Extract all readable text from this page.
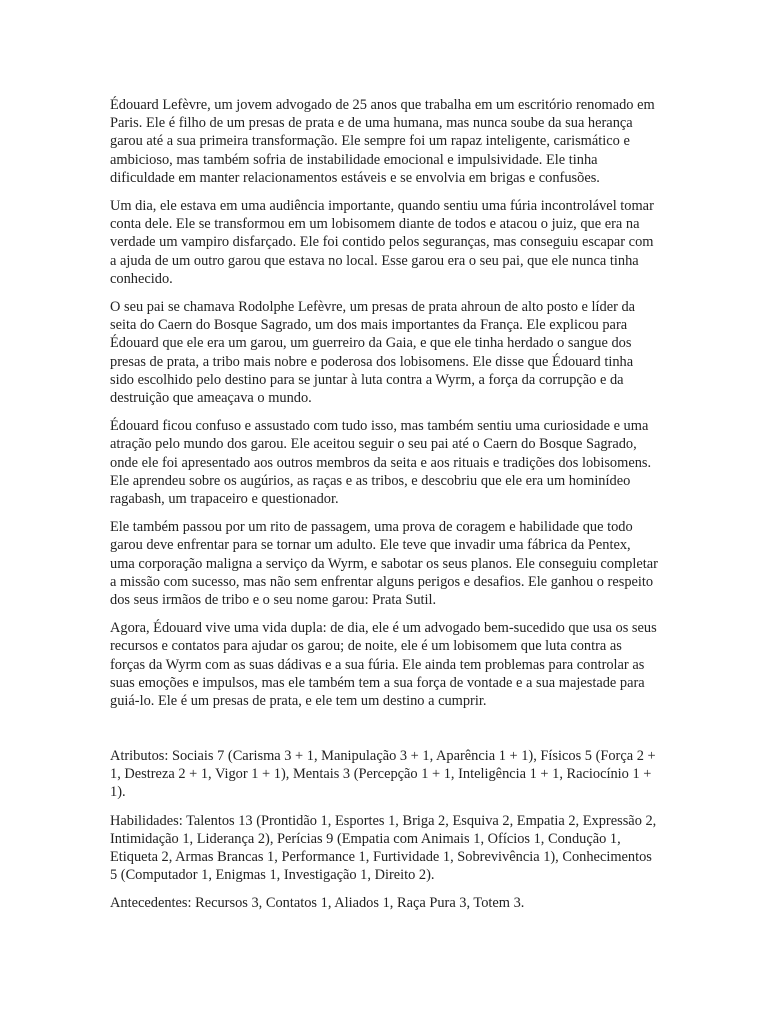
Édouard Lefèvre, um jovem advogado de 25 anos que trabalha em um escritório renomado em Paris. Ele é filho de um presas de prata e de uma humana, mas nunca soube da sua herança garou até a sua primeira transformação. Ele sempre foi um rapaz inteligente, carismático e ambicioso, mas também sofria de instabilidade emocional e impulsividade. Ele tinha dificuldade em manter relacionamentos estáveis e se envolvia em brigas e confusões.

Um dia, ele estava em uma audiência importante, quando sentiu uma fúria incontrolável tomar conta dele. Ele se transformou em um lobisomem diante de todos e atacou o juiz, que era na verdade um vampiro disfarçado. Ele foi contido pelos seguranças, mas conseguiu escapar com a ajuda de um outro garou que estava no local. Esse garou era o seu pai, que ele nunca tinha conhecido.

O seu pai se chamava Rodolphe Lefèvre, um presas de prata ahroun de alto posto e líder da seita do Caern do Bosque Sagrado, um dos mais importantes da França. Ele explicou para Édouard que ele era um garou, um guerreiro da Gaia, e que ele tinha herdado o sangue dos presas de prata, a tribo mais nobre e poderosa dos lobisomens. Ele disse que Édouard tinha sido escolhido pelo destino para se juntar à luta contra a Wyrm, a força da corrupção e da destruição que ameaçava o mundo.

Édouard ficou confuso e assustado com tudo isso, mas também sentiu uma curiosidade e uma atração pelo mundo dos garou. Ele aceitou seguir o seu pai até o Caern do Bosque Sagrado, onde ele foi apresentado aos outros membros da seita e aos rituais e tradições dos lobisomens. Ele aprendeu sobre os augúrios, as raças e as tribos, e descobriu que ele era um hominídeo ragabash, um trapaceiro e questionador.

Ele também passou por um rito de passagem, uma prova de coragem e habilidade que todo garou deve enfrentar para se tornar um adulto. Ele teve que invadir uma fábrica da Pentex, uma corporação maligna a serviço da Wyrm, e sabotar os seus planos. Ele conseguiu completar a missão com sucesso, mas não sem enfrentar alguns perigos e desafios. Ele ganhou o respeito dos seus irmãos de tribo e o seu nome garou: Prata Sutil.

Agora, Édouard vive uma vida dupla: de dia, ele é um advogado bem-sucedido que usa os seus recursos e contatos para ajudar os garou; de noite, ele é um lobisomem que luta contra as forças da Wyrm com as suas dádivas e a sua fúria. Ele ainda tem problemas para controlar as suas emoções e impulsos, mas ele também tem a sua força de vontade e a sua majestade para guiá-lo. Ele é um presas de prata, e ele tem um destino a cumprir.

Atributos: Sociais 7 (Carisma 3 + 1, Manipulação 3 + 1, Aparência 1 + 1), Físicos 5 (Força 2 + 1, Destreza 2 + 1, Vigor 1 + 1), Mentais 3 (Percepção 1 + 1, Inteligência 1 + 1, Raciocínio 1 + 1).

Habilidades: Talentos 13 (Prontidão 1, Esportes 1, Briga 2, Esquiva 2, Empatia 2, Expressão 2, Intimidação 1, Liderança 2), Perícias 9 (Empatia com Animais 1, Ofícios 1, Condução 1, Etiqueta 2, Armas Brancas 1, Performance 1, Furtividade 1, Sobrevivência 1), Conhecimentos 5 (Computador 1, Enigmas 1, Investigação 1, Direito 2).

Antecedentes: Recursos 3, Contatos 1, Aliados 1, Raça Pura 3, Totem 3.
